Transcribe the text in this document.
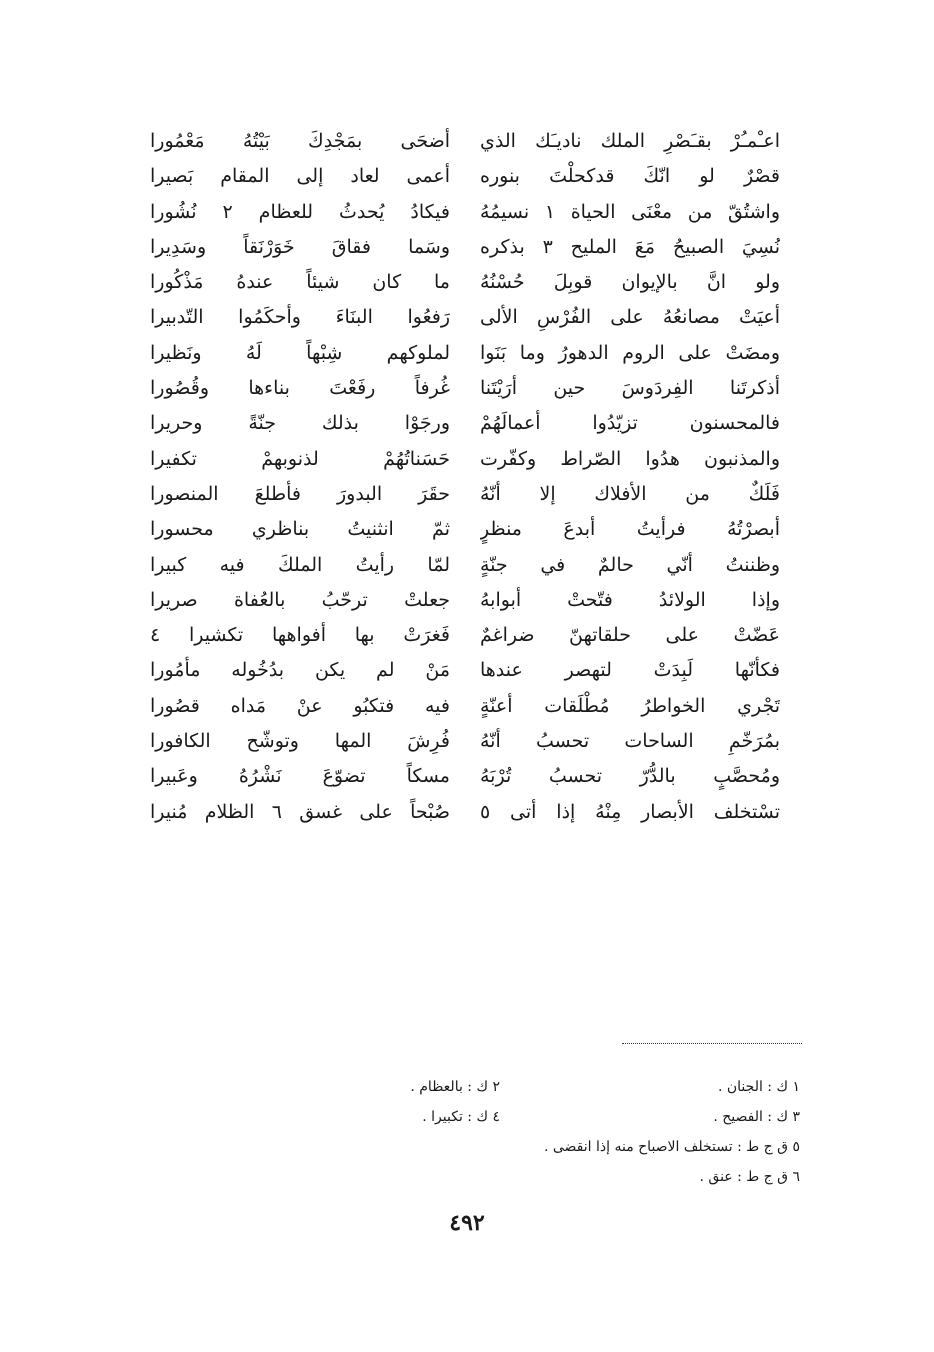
اعـْمـُرْ بقـَصْرِ الملك ناديـَك الذي
أضحَى بمَجْدِكَ بَيْتُهُ مَعْمُورا
قصْرٌ لو انّكَ قدكحلْتَ بنوره
أعمى لعاد إلى المقام بَصيرا
واشتُقّ من معْنَى الحياة ١ نسيمُهُ
فيكادُ يُحدثُ للعظام ٢ نُشُورا
نُسِيَ الصبيحُ مَعَ المليح ٣ بذكره
وسَما فقاقَ خَوَرْنَقاً وسَدِيرا
ولو انَّ بالإيوان قوبِلَ حُسْنُهُ
ما كان شيئاً عندهُ مَذْكُورا
أعيَتْ مصانعُهُ على الفُرْسِ الألى
رَفعُوا البنَاءَ وأحكَمُوا التّدبيرا
ومضَتْ على الروم الدهورُ وما بَنَوا
لملوكهم شِبْهاً لَهُ ونَظيرا
أذكرتَنا الفِردَوسَ حين أرَيْتَنا
غُرفاً رفَعْتَ بناءها وقُصُورا
فالمحسنون تزيّدُوا أعمالَهُمْ
ورجَوْا بذلك جنّةً وحريرا
والمذنبون هدُوا الصّراط وكفّرت
حَسَناتُهُمْ لذنوبهمْ تكفيرا
فَلَكٌ من الأفلاك إلا أنّهُ
حقَرَ البدورَ فأطلعَ المنصورا
أبصرْتُهُ فرأيتُ أبدعَ منظرٍ
ثمّ انثنيتُ بناظري محسورا
وظننتُ أنّي حالمٌ في جنّةٍ
لمّا رأيتُ الملكَ فيه كبيرا
وإذا الولائدُ فتّحتْ أبوابهُ
جعلتْ ترحّبُ بالعُفاة صريرا
عَضّتْ على حلقاتهنّ ضراغمٌ
فَغرَتْ بها أفواهها تكشيرا ٤
فكأنّها لَبِدَتْ لتهصر عندها
مَنْ لم يكن بدُخُوله مأمُورا
تَجْري الخواطرُ مُطْلَقات أعنّةٍ
فيه فتكبُو عنْ مَداه قصُورا
بمُرَخّمِ الساحات تحسبُ أنّهُ
فُرِشَ المها وتوشّح الكافورا
ومُحصَّبٍ بالدُّرّ تحسبُ تُرْبَهُ
مسكاً تضوّعَ نَشْرُهُ وعَبيرا
تسْتخلف الأبصار مِنْهُ إذا أتى ٥
صُبْحاً على غسق ٦ الظلام مُنيرا
١ ك : الجنان .
٢ ك : بالعظام .
٣ ك : الفصيح .
٤ ك : تكبيرا .
٥ ق ج ط : تستخلف الاصباح منه إذا انقضى .
٦ ق ج ط : عنق .
٤٩٢
